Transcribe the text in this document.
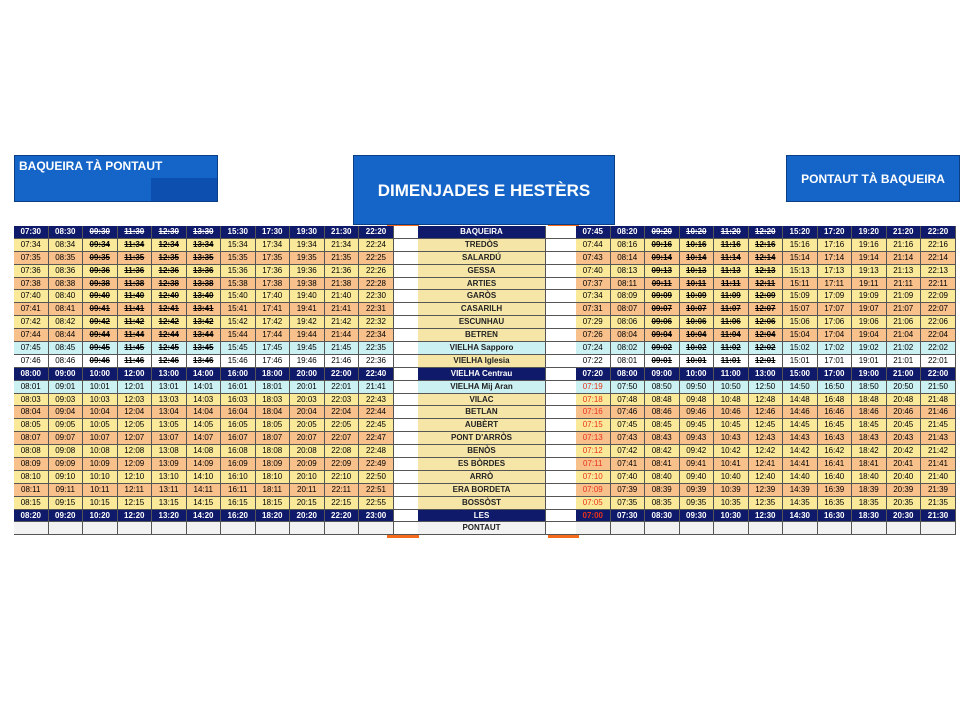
BAQUEIRA TÀ PONTAUT
DIMENJADES E HESTÈRS
PONTAUT TÀ BAQUEIRA
07:30	08:30	09:30	11:30	12:30	13:30	15:30	17:30	19:30	21:30	22:20	BAQUEIRA	07:45	08:20	09:20	10:20	11:20	12:20	15:20	17:20	19:20	21:20	22:20
07:34	08:34	09:34	11:34	12:34	13:34	15:34	17:34	19:34	21:34	22:24	TREDÒS	07:44	08:16	09:16	10:16	11:16	12:16	15:16	17:16	19:16	21:16	22:16
07:35	08:35	09:35	11:35	12:35	13:35	15:35	17:35	19:35	21:35	22:25	SALARDÚ	07:43	08:14	09:14	10:14	11:14	12:14	15:14	17:14	19:14	21:14	22:14
07:36	08:36	09:36	11:36	12:36	13:36	15:36	17:36	19:36	21:36	22:26	GESSA	07:40	08:13	09:13	10:13	11:13	12:13	15:13	17:13	19:13	21:13	22:13
07:38	08:38	09:38	11:38	12:38	13:38	15:38	17:38	19:38	21:38	22:28	ARTIES	07:37	08:11	09:11	10:11	11:11	12:11	15:11	17:11	19:11	21:11	22:11
07:40	08:40	09:40	11:40	12:40	13:40	15:40	17:40	19:40	21:40	22:30	GARÒS	07:34	08:09	09:09	10:09	11:09	12:09	15:09	17:09	19:09	21:09	22:09
07:41	08:41	09:41	11:41	12:41	13:41	15:41	17:41	19:41	21:41	22:31	CASARILH	07:31	08:07	09:07	10:07	11:07	12:07	15:07	17:07	19:07	21:07	22:07
07:42	08:42	09:42	11:42	12:42	13:42	15:42	17:42	19:42	21:42	22:32	ESCUNHAU	07:29	08:06	09:06	10:06	11:06	12:06	15:06	17:06	19:06	21:06	22:06
07:44	08:44	09:44	11:44	12:44	13:44	15:44	17:44	19:44	21:44	22:34	BETREN	07:26	08:04	09:04	10:04	11:04	12:04	15:04	17:04	19:04	21:04	22:04
07:45	08:45	09:45	11:45	12:45	13:45	15:45	17:45	19:45	21:45	22:35	VIELHA Sapporo	07:24	08:02	09:02	10:02	11:02	12:02	15:02	17:02	19:02	21:02	22:02
07:46	08:46	09:46	11:46	12:46	13:46	15:46	17:46	19:46	21:46	22:36	VIELHA Iglesia	07:22	08:01	09:01	10:01	11:01	12:01	15:01	17:01	19:01	21:01	22:01
08:00	09:00	10:00	12:00	13:00	14:00	16:00	18:00	20:00	22:00	22:40	VIELHA Centrau	07:20	08:00	09:00	10:00	11:00	13:00	15:00	17:00	19:00	21:00	22:00
08:01	09:01	10:01	12:01	13:01	14:01	16:01	18:01	20:01	22:01	21:41	VIELHA Mij Aran	07:19	07:50	08:50	09:50	10:50	12:50	14:50	16:50	18:50	20:50	21:50
08:03	09:03	10:03	12:03	13:03	14:03	16:03	18:03	20:03	22:03	22:43	VILAC	07:18	07:48	08:48	09:48	10:48	12:48	14:48	16:48	18:48	20:48	21:48
08:04	09:04	10:04	12:04	13:04	14:04	16:04	18:04	20:04	22:04	22:44	BETLAN	07:16	07:46	08:46	09:46	10:46	12:46	14:46	16:46	18:46	20:46	21:46
08:05	09:05	10:05	12:05	13:05	14:05	16:05	18:05	20:05	22:05	22:45	AUBÈRT	07:15	07:45	08:45	09:45	10:45	12:45	14:45	16:45	18:45	20:45	21:45
08:07	09:07	10:07	12:07	13:07	14:07	16:07	18:07	20:07	22:07	22:47	PONT D'ARRÒS	07:13	07:43	08:43	09:43	10:43	12:43	14:43	16:43	18:43	20:43	21:43
08:08	09:08	10:08	12:08	13:08	14:08	16:08	18:08	20:08	22:08	22:48	BENÒS	07:12	07:42	08:42	09:42	10:42	12:42	14:42	16:42	18:42	20:42	21:42
08:09	09:09	10:09	12:09	13:09	14:09	16:09	18:09	20:09	22:09	22:49	ES BÒRDES	07:11	07:41	08:41	09:41	10:41	12:41	14:41	16:41	18:41	20:41	21:41
08:10	09:10	10:10	12:10	13:10	14:10	16:10	18:10	20:10	22:10	22:50	ARRÒ	07:10	07:40	08:40	09:40	10:40	12:40	14:40	16:40	18:40	20:40	21:40
08:11	09:11	10:11	12:11	13:11	14:11	16:11	18:11	20:11	22:11	22:51	ERA BORDETA	07:09	07:39	08:39	09:39	10:39	12:39	14:39	16:39	18:39	20:39	21:39
08:15	09:15	10:15	12:15	13:15	14:15	16:15	18:15	20:15	22:15	22:55	BOSSÒST	07:05	07:35	08:35	09:35	10:35	12:35	14:35	16:35	18:35	20:35	21:35
08:20	09:20	10:20	12:20	13:20	14:20	16:20	18:20	20:20	22:20	23:00	LES	07:00	07:30	08:30	09:30	10:30	12:30	14:30	16:30	18:30	20:30	21:30
PONTAUT
